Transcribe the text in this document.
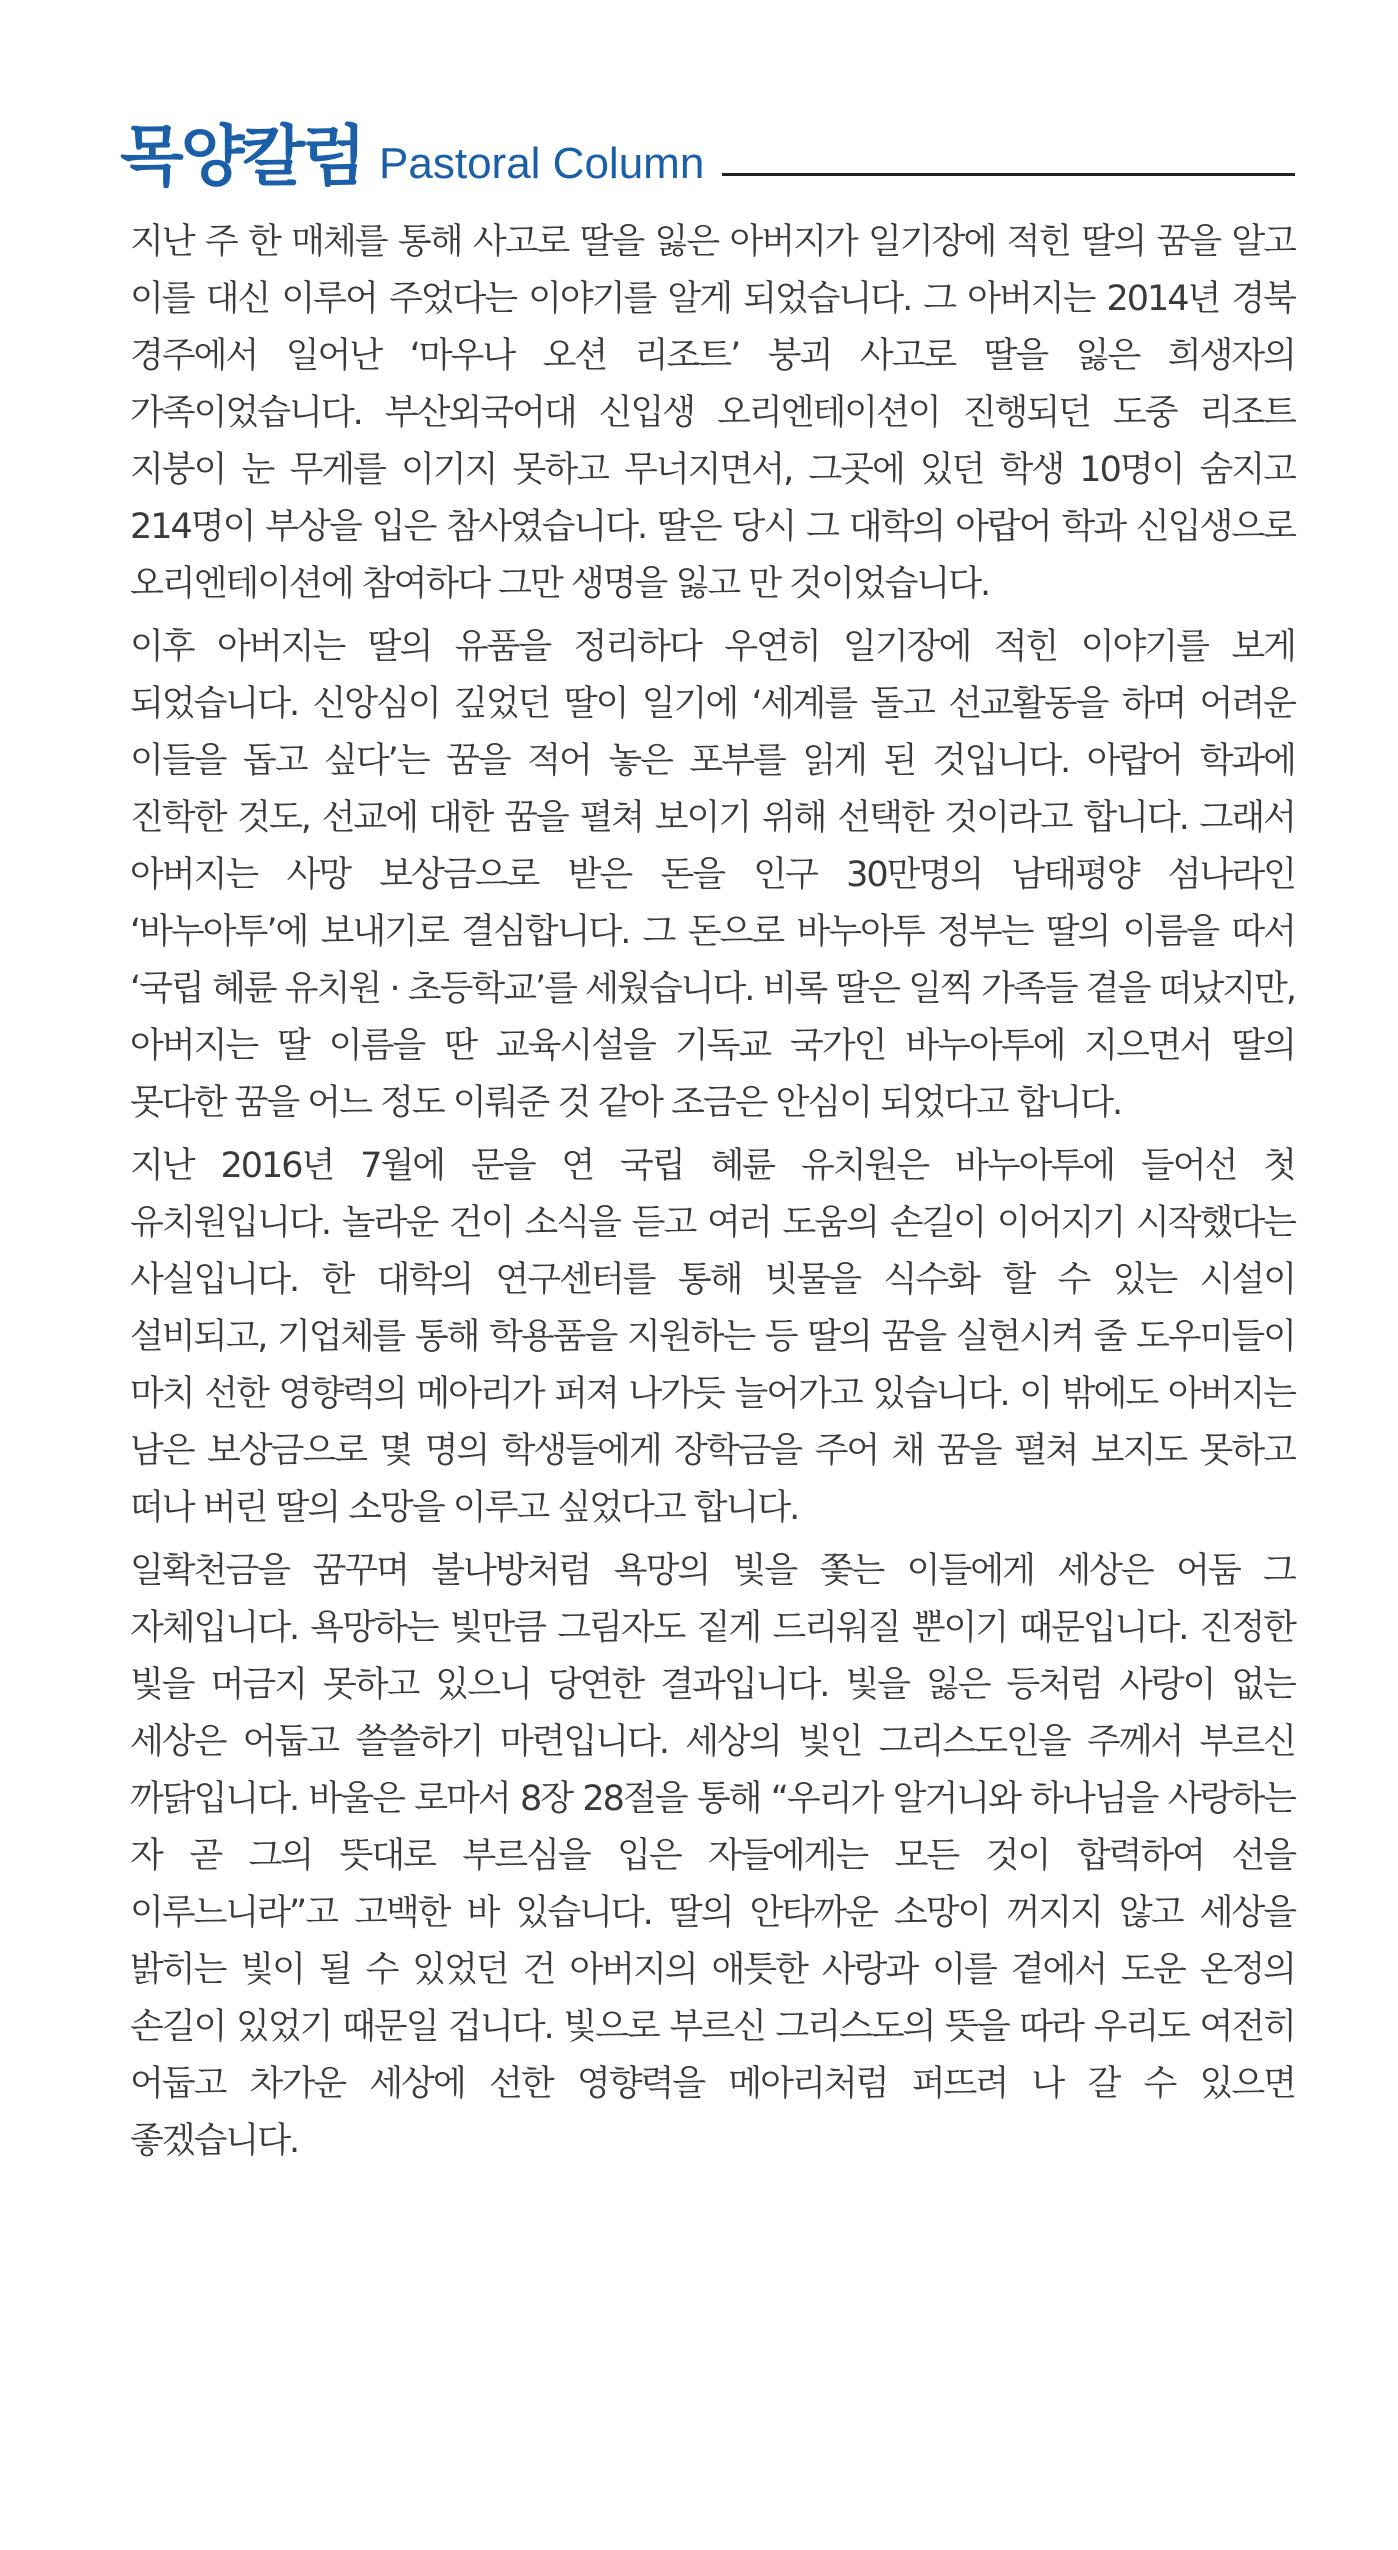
목양칼럼 Pastoral Column

지난 주 한 매체를 통해 사고로 딸을 잃은 아버지가 일기장에 적힌 딸의 꿈을 알고 이를 대신 이루어 주었다는 이야기를 알게 되었습니다. 그 아버지는 2014년 경북 경주에서 일어난 ‘마우나 오션 리조트’ 붕괴 사고로 딸을 잃은 희생자의 가족이었습니다. 부산외국어대 신입생 오리엔테이션이 진행되던 도중 리조트 지붕이 눈 무게를 이기지 못하고 무너지면서, 그곳에 있던 학생 10명이 숨지고 214명이 부상을 입은 참사였습니다. 딸은 당시 그 대학의 아랍어 학과 신입생으로 오리엔테이션에 참여하다 그만 생명을 잃고 만 것이었습니다.

이후 아버지는 딸의 유품을 정리하다 우연히 일기장에 적힌 이야기를 보게 되었습니다. 신앙심이 깊었던 딸이 일기에 ‘세계를 돌고 선교활동을 하며 어려운 이들을 돕고 싶다’는 꿈을 적어 놓은 포부를 읽게 된 것입니다. 아랍어 학과에 진학한 것도, 선교에 대한 꿈을 펼쳐 보이기 위해 선택한 것이라고 합니다. 그래서 아버지는 사망 보상금으로 받은 돈을 인구 30만명의 남태평양 섬나라인 ‘바누아투’에 보내기로 결심합니다. 그 돈으로 바누아투 정부는 딸의 이름을 따서 ‘국립 혜륜 유치원 · 초등학교’를 세웠습니다. 비록 딸은 일찍 가족들 곁을 떠났지만, 아버지는 딸 이름을 딴 교육시설을 기독교 국가인 바누아투에 지으면서 딸의 못다한 꿈을 어느 정도 이뤄준 것 같아 조금은 안심이 되었다고 합니다.

지난 2016년 7월에 문을 연 국립 혜륜 유치원은 바누아투에 들어선 첫 유치원입니다. 놀라운 건이 소식을 듣고 여러 도움의 손길이 이어지기 시작했다는 사실입니다. 한 대학의 연구센터를 통해 빗물을 식수화 할 수 있는 시설이 설비되고, 기업체를 통해 학용품을 지원하는 등 딸의 꿈을 실현시켜 줄 도우미들이 마치 선한 영향력의 메아리가 퍼져 나가듯 늘어가고 있습니다. 이 밖에도 아버지는 남은 보상금으로 몇 명의 학생들에게 장학금을 주어 채 꿈을 펼쳐 보지도 못하고 떠나 버린 딸의 소망을 이루고 싶었다고 합니다.

일확천금을 꿈꾸며 불나방처럼 욕망의 빛을 쫓는 이들에게 세상은 어둠 그 자체입니다. 욕망하는 빛만큼 그림자도 짙게 드리워질 뿐이기 때문입니다. 진정한 빛을 머금지 못하고 있으니 당연한 결과입니다. 빛을 잃은 등처럼 사랑이 없는 세상은 어둡고 쓸쓸하기 마련입니다. 세상의 빛인 그리스도인을 주께서 부르신 까닭입니다. 바울은 로마서 8장 28절을 통해 “우리가 알거니와 하나님을 사랑하는 자 곧 그의 뜻대로 부르심을 입은 자들에게는 모든 것이 합력하여 선을 이루느니라”고 고백한 바 있습니다. 딸의 안타까운 소망이 꺼지지 않고 세상을 밝히는 빛이 될 수 있었던 건 아버지의 애틋한 사랑과 이를 곁에서 도운 온정의 손길이 있었기 때문일 겁니다. 빛으로 부르신 그리스도의 뜻을 따라 우리도 여전히 어둡고 차가운 세상에 선한 영향력을 메아리처럼 퍼뜨려 나 갈 수 있으면 좋겠습니다.
